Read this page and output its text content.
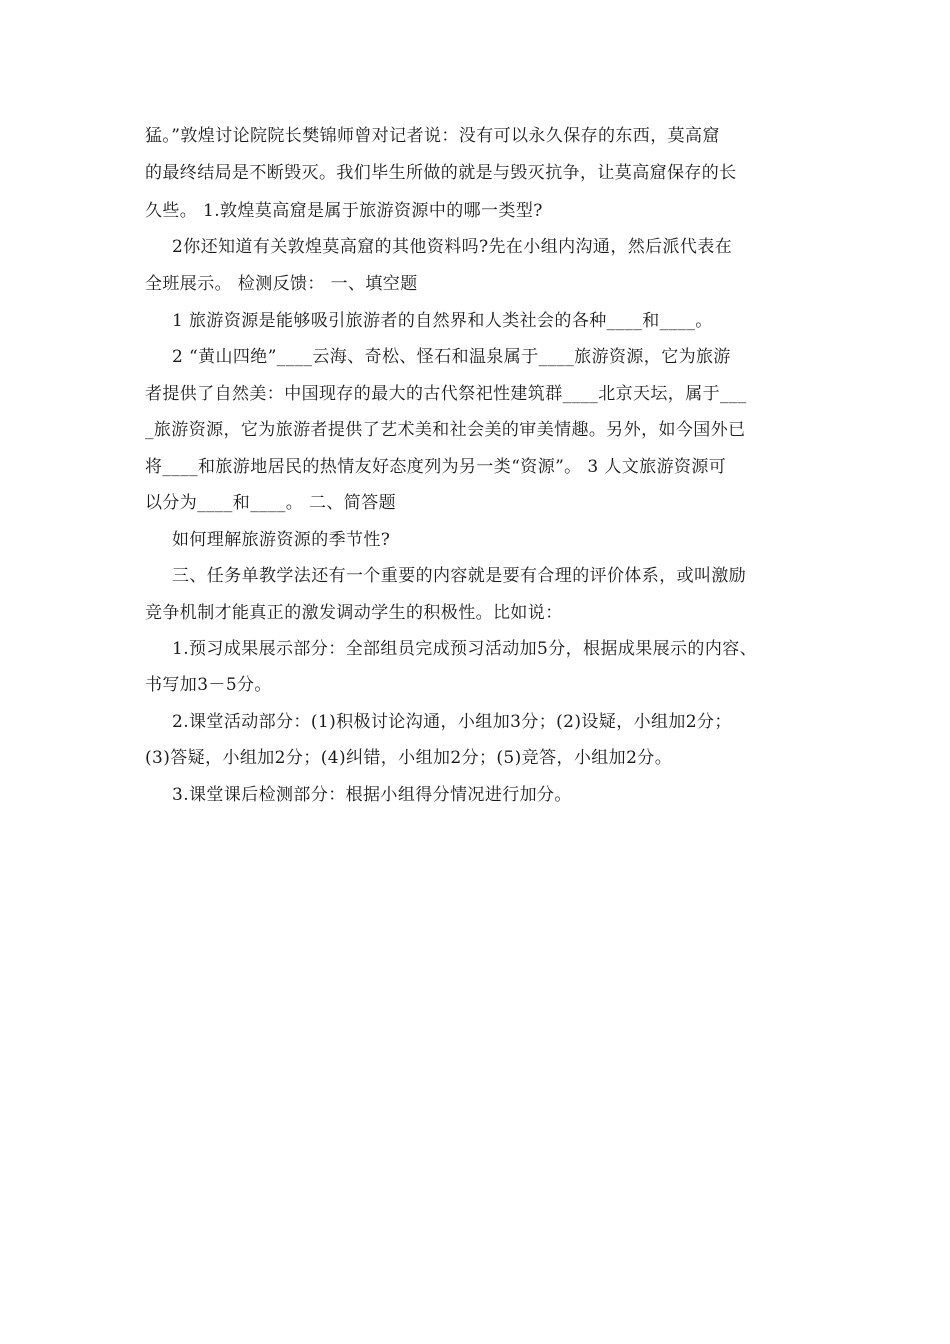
猛。”敦煌讨论院院长樊锦师曾对记者说：没有可以永久保存的东西，莫高窟
的最终结局是不断毁灭。我们毕生所做的就是与毁灭抗争，让莫高窟保存的长
久些。 1.敦煌莫高窟是属于旅游资源中的哪一类型?
2你还知道有关敦煌莫高窟的其他资料吗?先在小组内沟通，然后派代表在
全班展示。 检测反馈： 一、填空题
1 旅游资源是能够吸引旅游者的自然界和人类社会的各种____和____。
2 “黄山四绝”____云海、奇松、怪石和温泉属于____旅游资源，它为旅游
者提供了自然美：中国现存的最大的古代祭祀性建筑群____北京天坛，属于___
_旅游资源，它为旅游者提供了艺术美和社会美的审美情趣。另外，如今国外已
将____和旅游地居民的热情友好态度列为另一类“资源”。 3 人文旅游资源可
以分为____和____。 二、简答题
如何理解旅游资源的季节性?
三、任务单教学法还有一个重要的内容就是要有合理的评价体系，或叫激励
竞争机制才能真正的激发调动学生的积极性。比如说：
1.预习成果展示部分：全部组员完成预习活动加5分，根据成果展示的内容、
书写加3－5分。
2.课堂活动部分：(1)积极讨论沟通，小组加3分；(2)设疑，小组加2分；
(3)答疑，小组加2分；(4)纠错，小组加2分；(5)竞答，小组加2分。
3.课堂课后检测部分：根据小组得分情况进行加分。
